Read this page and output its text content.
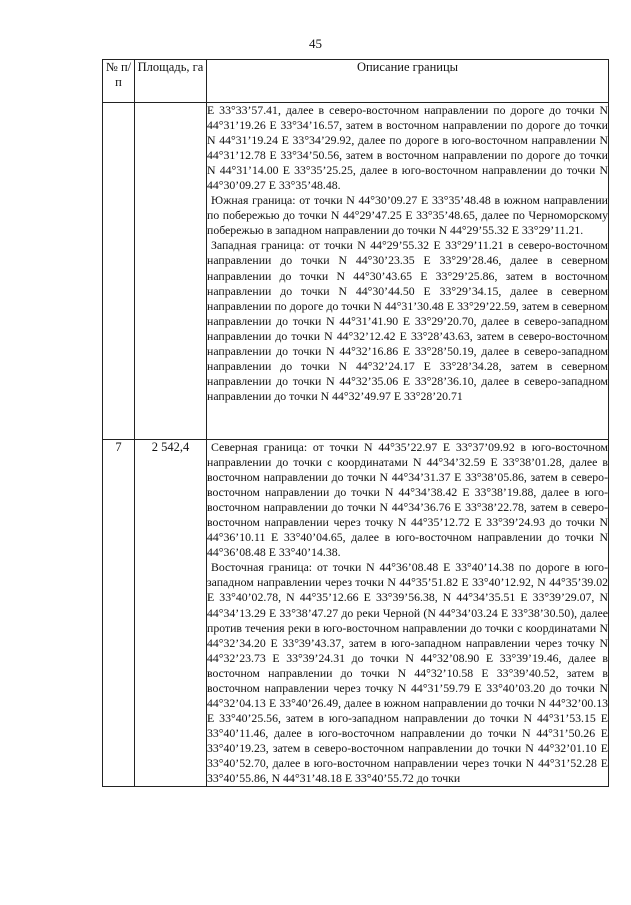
45
№ п/п	Площадь, га	Описание границы

		E 33°33’57.41, далее в северо-восточном направлении по дороге до точки N 44°31’19.26 E 33°34’16.57, затем в восточном направлении по дороге до точки N 44°31’19.24 E 33°34’29.92, далее по дороге в юго-восточном направлении N 44°31’12.78 E 33°34’50.56, затем в восточном направлении по дороге до точки N 44°31’14.00 E 33°35’25.25, далее в юго-восточном направлении до точки N 44°30’09.27 E 33°35’48.48.

Южная граница: от точки N 44°30’09.27 E 33°35’48.48 в южном направлении по побережью до точки N 44°29’47.25 E 33°35’48.65, далее по Черноморскому побережью в западном направлении до точки N 44°29’55.32 E 33°29’11.21.

Западная граница: от точки N 44°29’55.32 E 33°29’11.21 в северо-восточном направлении до точки N 44°30’23.35 E 33°29’28.46, далее в северном направлении до точки N 44°30’43.65 E 33°29’25.86, затем в восточном направлении до точки N 44°30’44.50 E 33°29’34.15, далее в северном направлении по дороге до точки N 44°31’30.48 E 33°29’22.59, затем в северном направлении до точки N 44°31’41.90 E 33°29’20.70, далее в северо-западном направлении до точки N 44°32’12.42 E 33°28’43.63, затем в северо-восточном направлении до точки N 44°32’16.86 E 33°28’50.19, далее в северо-западном направлении до точки N 44°32’24.17 E 33°28’34.28, затем в северном направлении до точки N 44°32’35.06 E 33°28’36.10, далее в северо-западном направлении до точки N 44°32’49.97 E 33°28’20.71

7	2 542,4	Северная граница: от точки N 44°35’22.97 E 33°37’09.92 в юго-восточном направлении до точки с координатами N 44°34’32.59 E 33°38’01.28, далее в восточном направлении до точки N 44°34’31.37 E 33°38’05.86, затем в северо-восточном направлении до точки N 44°34’38.42 E 33°38’19.88, далее в юго-восточном направлении до точки N 44°34’36.76 E 33°38’22.78, затем в северо-восточном направлении через точку N 44°35’12.72 E 33°39’24.93 до точки N 44°36’10.11 E 33°40’04.65, далее в юго-восточном направлении до точки N 44°36’08.48 E 33°40’14.38.

Восточная граница: от точки N 44°36’08.48 E 33°40’14.38 по дороге в юго-западном направлении через точки N 44°35’51.82 E 33°40’12.92, N 44°35’39.02 E 33°40’02.78, N 44°35’12.66 E 33°39’56.38, N 44°34’35.51 E 33°39’29.07, N 44°34’13.29 E 33°38’47.27 до реки Черной (N 44°34’03.24 E 33°38’30.50), далее против течения реки в юго-восточном направлении до точки с координатами N 44°32’34.20 E 33°39’43.37, затем в юго-западном направлении через точку N 44°32’23.73 E 33°39’24.31 до точки N 44°32’08.90 E 33°39’19.46, далее в восточном направлении до точки N 44°32’10.58 E 33°39’40.52, затем в восточном направлении через точку N 44°31’59.79 E 33°40’03.20 до точки N 44°32’04.13 E 33°40’26.49, далее в южном направлении до точки N 44°32’00.13 E 33°40’25.56, затем в юго-западном направлении до точки N 44°31’53.15 E 33°40’11.46, далее в юго-восточном направлении до точки N 44°31’50.26 E 33°40’19.23, затем в северо-восточном направлении до точки N 44°32’01.10 E 33°40’52.70, далее в юго-восточном направлении через точки N 44°31’52.28 E 33°40’55.86, N 44°31’48.18 E 33°40’55.72 до точки
